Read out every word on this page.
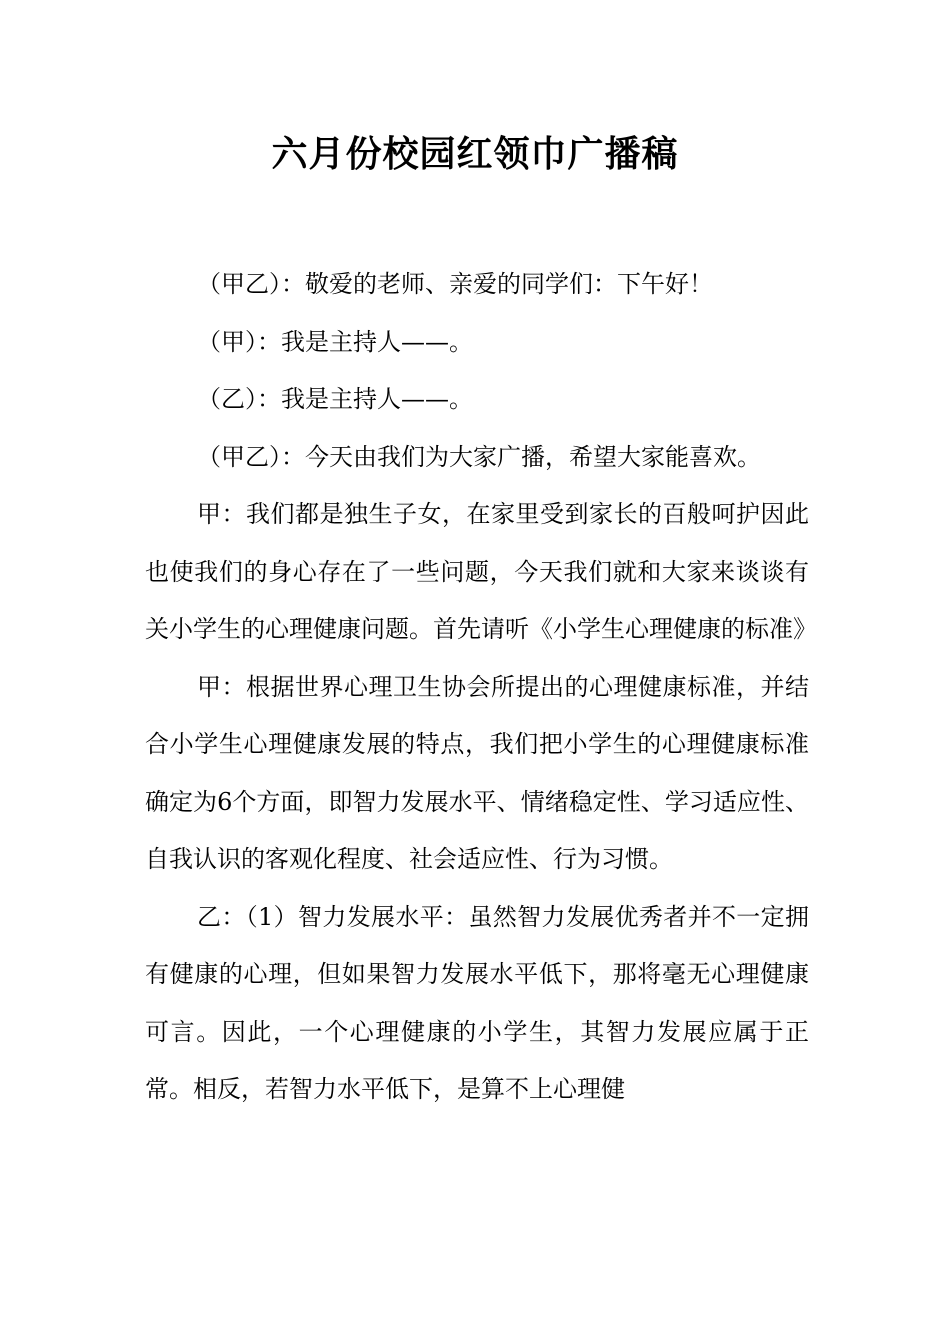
六月份校园红领巾广播稿

（甲乙）：敬爱的老师、亲爱的同学们：下午好！

（甲）：我是主持人——。

（乙）：我是主持人——。

（甲乙）：今天由我们为大家广播，希望大家能喜欢。

甲：我们都是独生子女，在家里受到家长的百般呵护因此也使我们的身心存在了一些问题，今天我们就和大家来谈谈有关小学生的心理健康问题。首先请听《小学生心理健康的标准》

甲：根据世界心理卫生协会所提出的心理健康标准，并结合小学生心理健康发展的特点，我们把小学生的心理健康标准确定为6个方面，即智力发展水平、情绪稳定性、学习适应性、自我认识的客观化程度、社会适应性、行为习惯。

乙：（1）智力发展水平：虽然智力发展优秀者并不一定拥有健康的心理，但如果智力发展水平低下，那将毫无心理健康可言。因此，一个心理健康的小学生，其智力发展应属于正常。相反，若智力水平低下，是算不上心理健
